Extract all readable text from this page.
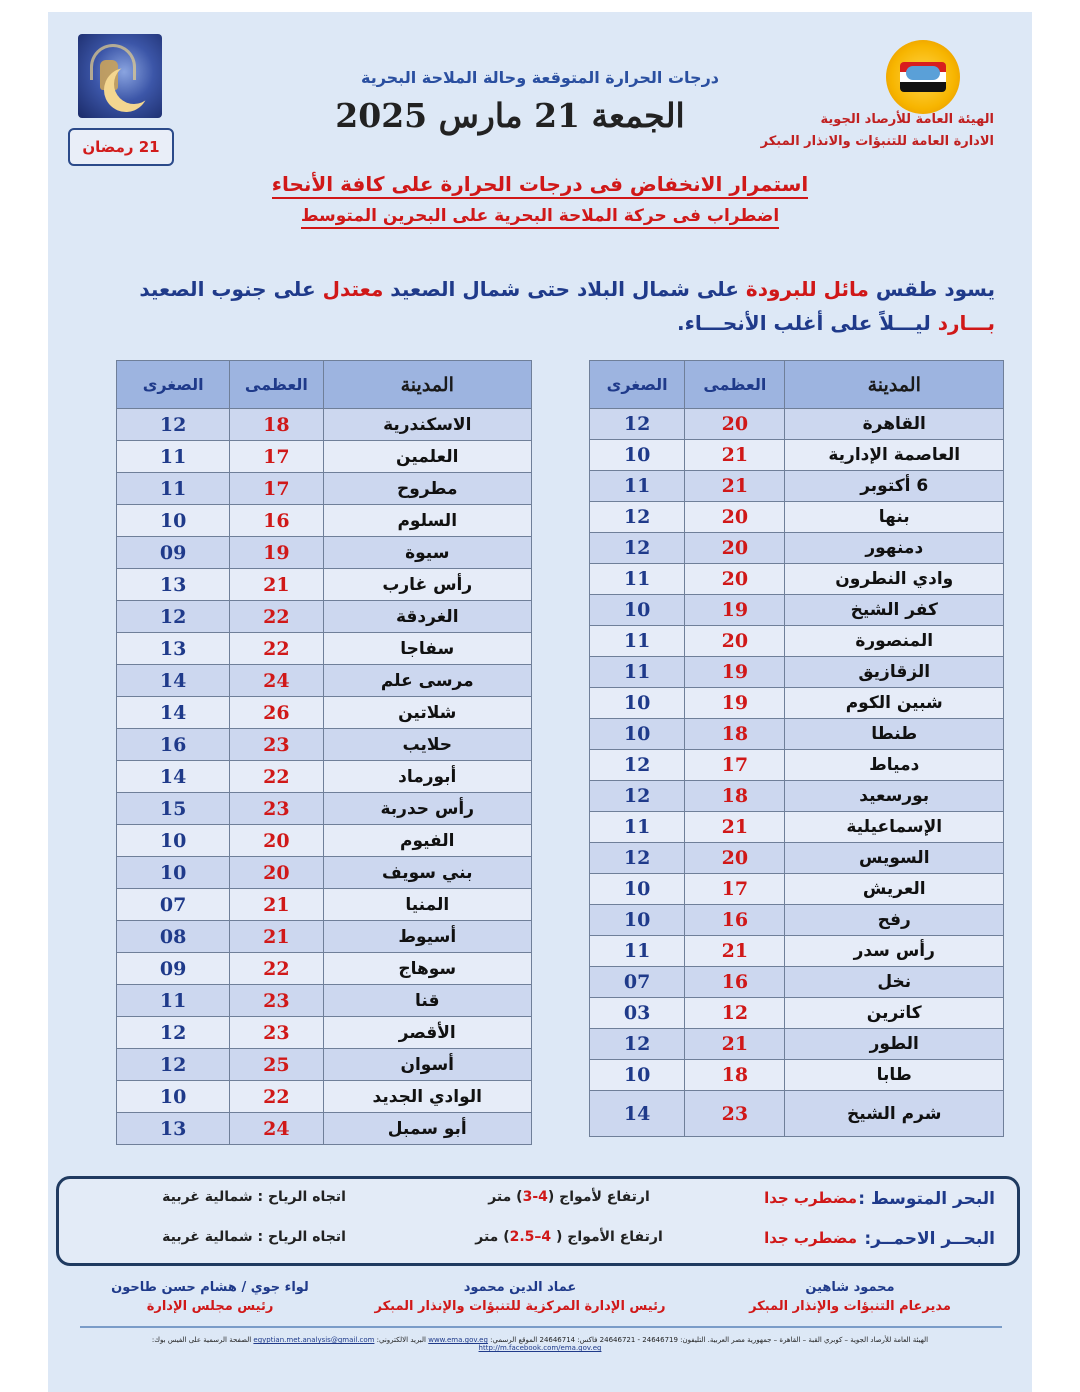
21 رمضان
الهيئة العامة للأرصاد الجوية
الادارة العامة للتنبؤات والانذار المبكر
درجات الحرارة المتوقعة وحالة الملاحة البحرية
الجمعة 21 مارس 2025
استمرار الانخفاض فى درجات الحرارة على كافة الأنحاء
اضطراب فى حركة الملاحة البحرية على البحرين المتوسط
يسود طقس مائل للبرودة على شمال البلاد حتى شمال الصعيد معتدل على جنوب الصعيد بـــارد ليـــلاً على أغلب الأنحـــاء.
المدينة	العظمى	الصغرى
القاهرة	20	12
العاصمة الإدارية	21	10
6 أكتوبر	21	11
بنها	20	12
دمنهور	20	12
وادي النطرون	20	11
كفر الشيخ	19	10
المنصورة	20	11
الزقازيق	19	11
شبين الكوم	19	10
طنطا	18	10
دمياط	17	12
بورسعيد	18	12
الإسماعيلية	21	11
السويس	20	12
العريش	17	10
رفح	16	10
رأس سدر	21	11
نخل	16	07
كاترين	12	03
الطور	21	12
طابا	18	10
شرم الشيخ	23	14
المدينة	العظمى	الصغرى
الاسكندرية	18	12
العلمين	17	11
مطروح	17	11
السلوم	16	10
سيوة	19	09
رأس غارب	21	13
الغردقة	22	12
سفاجا	22	13
مرسى علم	24	14
شلاتين	26	14
حلايب	23	16
أبورماد	22	14
رأس حدربة	23	15
الفيوم	20	10
بني سويف	20	10
المنيا	21	07
أسيوط	21	08
سوهاج	22	09
قنا	23	11
الأقصر	23	12
أسوان	25	12
الوادي الجديد	22	10
أبو سمبل	24	13
البحر المتوسط :
مضطرب جدا
ارتفاع لأمواج (3-4) متر
اتجاه الرياح : شمالية غربية
البحــر الاحمــر:
مضطرب جدا
ارتفاع الأمواج ( 2.5–4) متر
اتجاه الرياح : شمالية غربية
محمود شاهين
مديرعام التنبؤات والإنذار المبكر
عماد الدين محمود
رئيس الإدارة المركزية للتنبؤات والإنذار المبكر
لواء جوي / هشام حسن طاحون
رئيس مجلس الإدارة
الهيئة العامة للأرصاد الجوية – كوبري القبة – القاهرة – جمهورية مصر العربية. التليفون: 24646719 - 24646721 فاكس: 24646714 الموقع الرسمي: www.ema.gov.eg البريد الالكتروني: egyptian.met.analysis@gmail.com الصفحة الرسمية على الفيس بوك: http://m.facebook.com/ema.gov.eg
